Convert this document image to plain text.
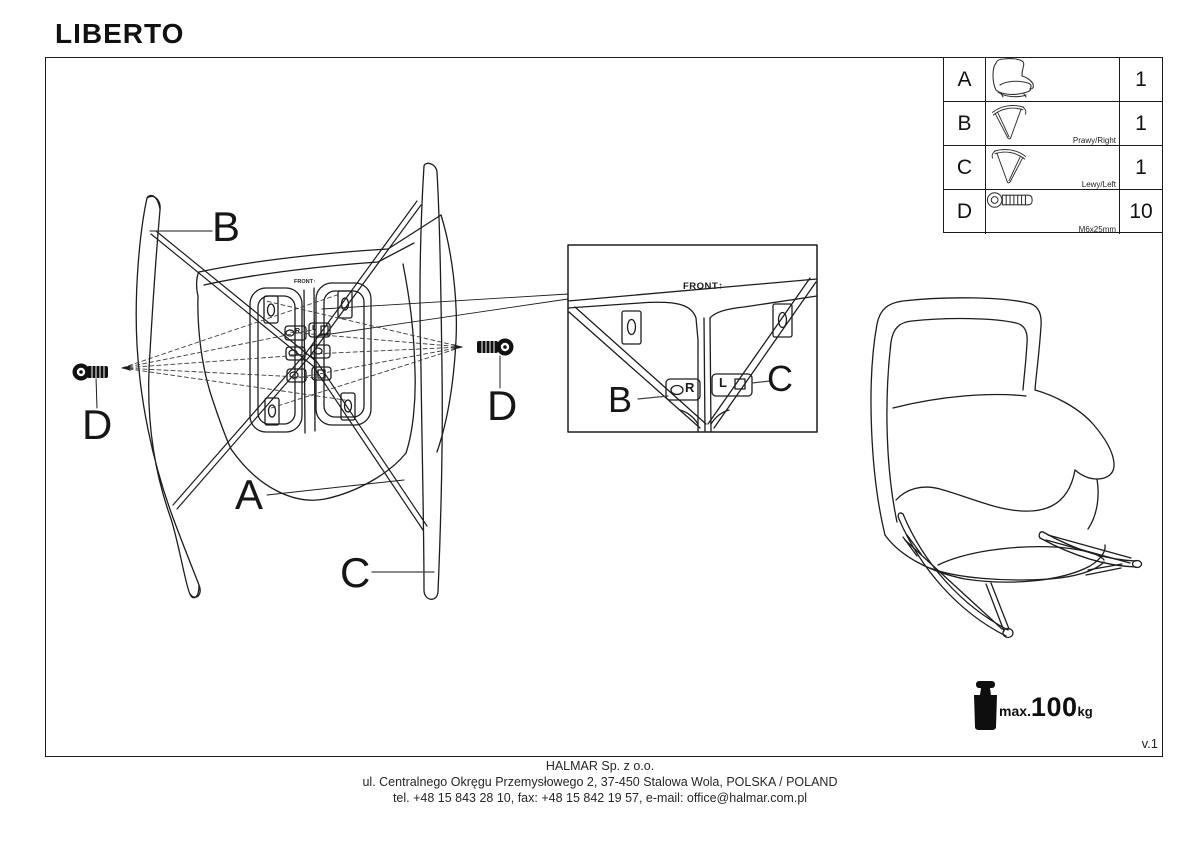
LIBERTO
v.1
A	1
B
Prawy/Right
1
C
Lewy/Left
1
D
M6x25mm
10
B
A
C
D	D
FRONT↑
R L
FRONT↑
B
C
R L
max. 100 kg
HALMAR Sp. z o.o.
ul. Centralnego Okręgu Przemysłowego 2, 37-450 Stalowa Wola, POLSKA / POLAND
tel. +48 15 843 28 10, fax: +48 15 842 19 57, e-mail: office@halmar.com.pl
